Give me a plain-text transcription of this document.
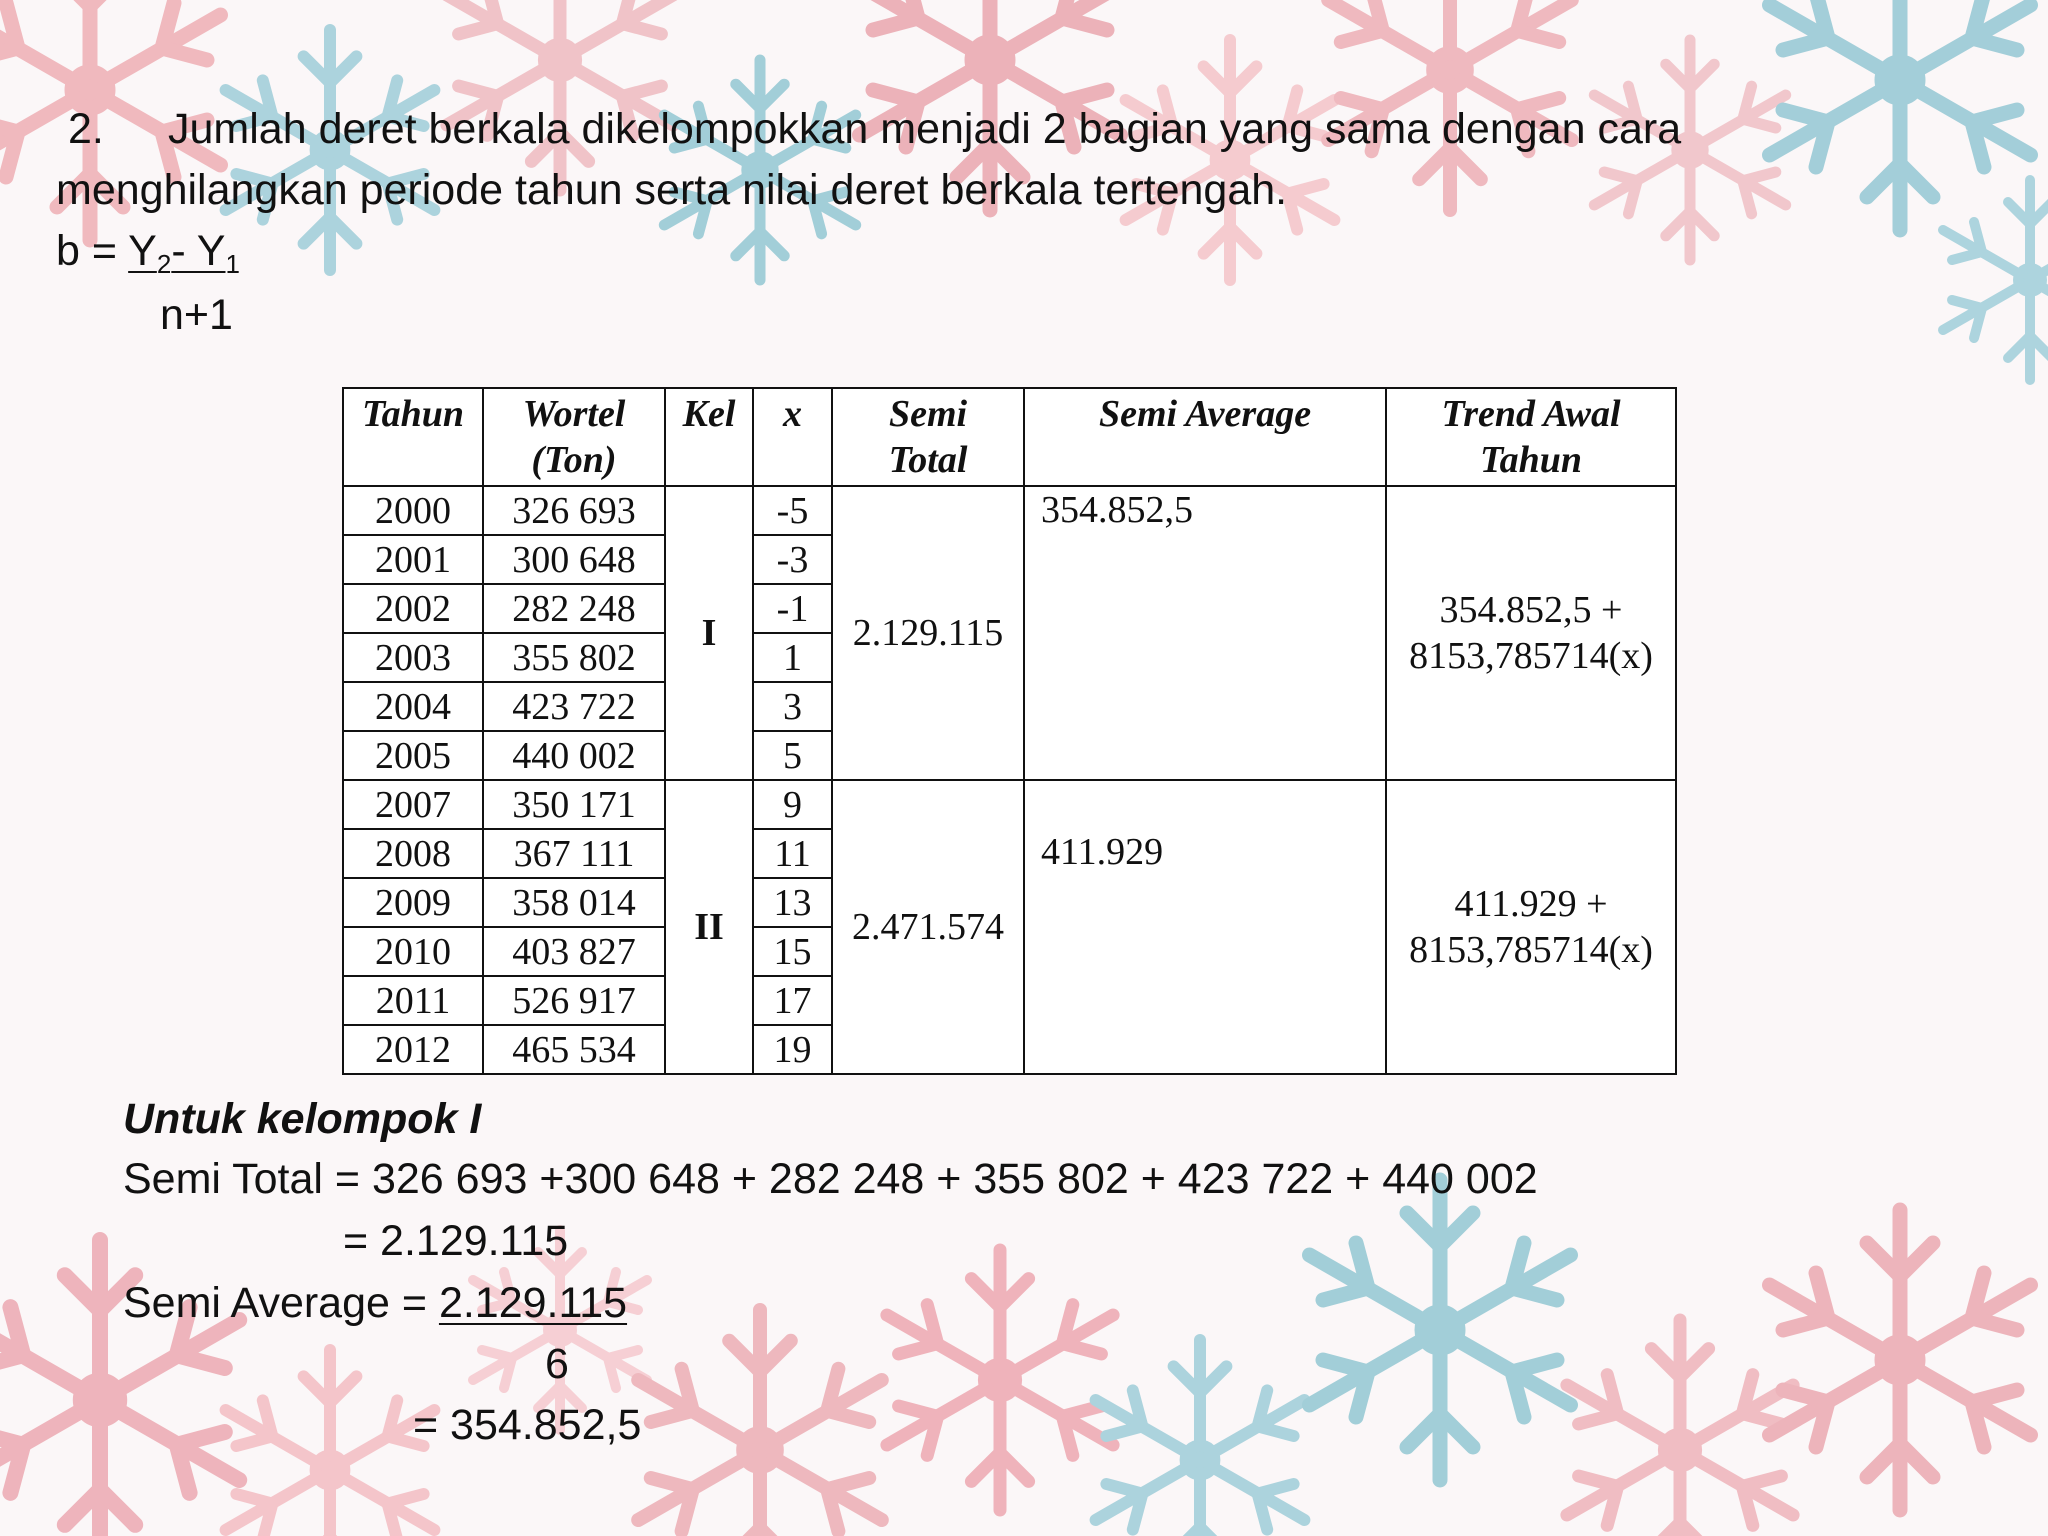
2. Jumlah deret berkala dikelompokkan menjadi 2 bagian yang sama dengan cara
menghilangkan periode tahun serta nilai deret berkala tertengah.
$b = Y_2-$ $Y_1$
n+1
Tahun	Wortel (Ton)	Kel	x	Semi Total	Semi Average	Trend Awal Tahun
2000	326 693	I	-5	2.129.115	354.852,5	354.852,5 + 8153,785714(x)
2001	300 648		-3			
2002	282 248		-1			
2003	355 802		1			
2004	423 722		3			
2005	440 002		5			
2007	350 171	II	9	2.471.574	411.929	411.929 + 8153,785714(x)
2008	367 111		11			
2009	358 014		13			
2010	403 827		15			
2011	526 917		17			
2012	465 534		19			
Untuk kelompok I
Semi Total = 326 693 +300 648 + 282 248 + 355 802 + 423 722 + 440 002
= 2.129.115
Semi Average = 2.129.115
6
= 354.852,5
